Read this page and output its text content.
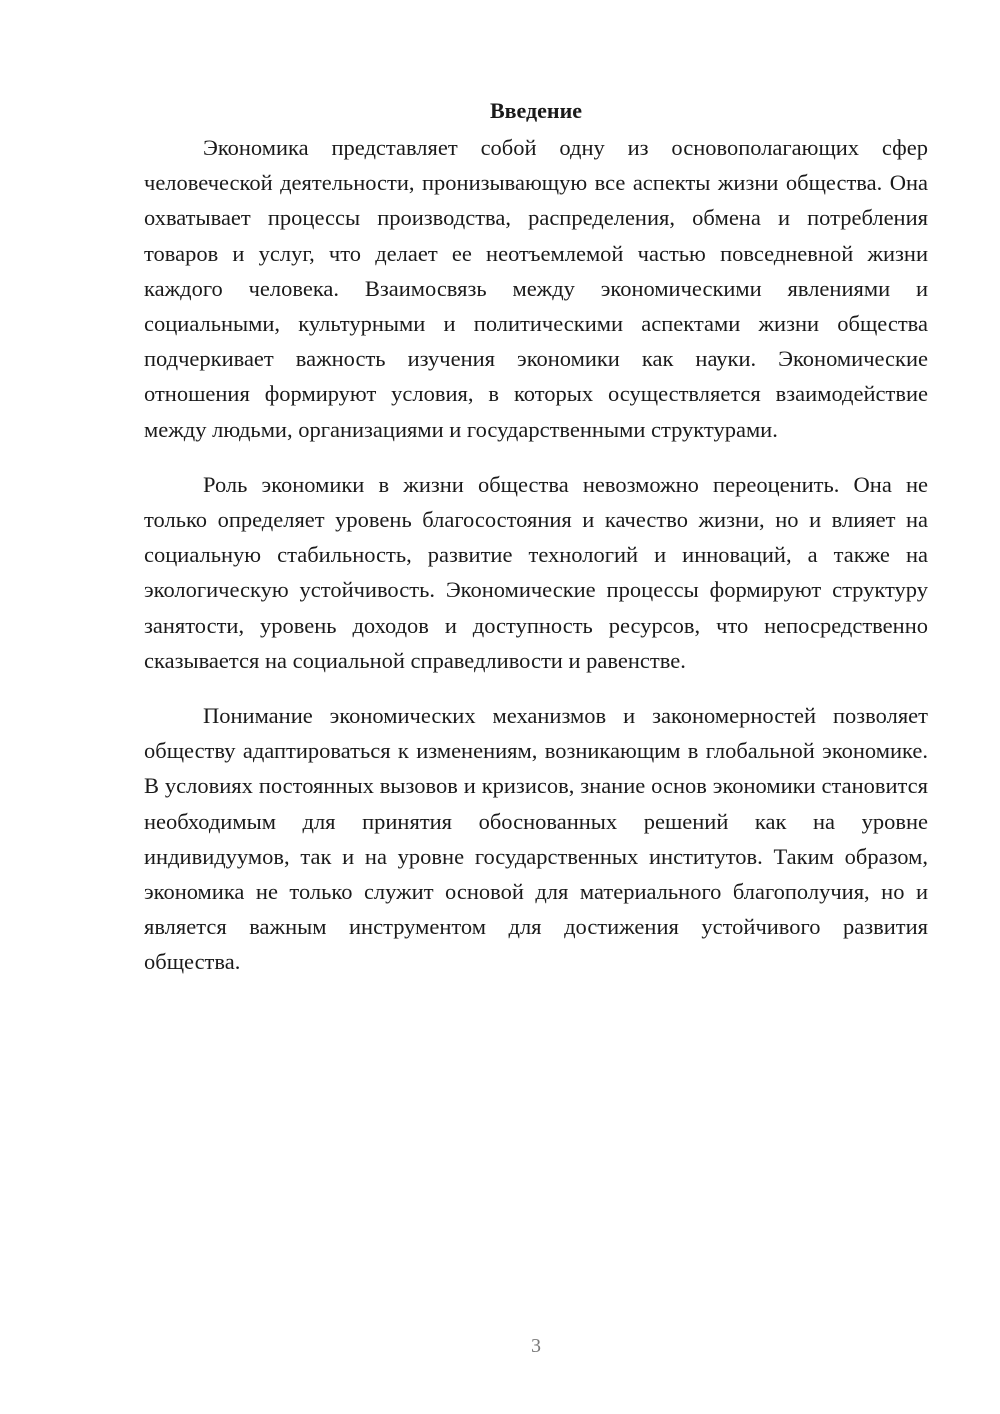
Введение

Экономика представляет собой одну из основополагающих сфер человеческой деятельности, пронизывающую все аспекты жизни общества. Она охватывает процессы производства, распределения, обмена и потребления товаров и услуг, что делает ее неотъемлемой частью повседневной жизни каждого человека. Взаимосвязь между экономическими явлениями и социальными, культурными и политическими аспектами жизни общества подчеркивает важность изучения экономики как науки. Экономические отношения формируют условия, в которых осуществляется взаимодействие между людьми, организациями и государственными структурами.

Роль экономики в жизни общества невозможно переоценить. Она не только определяет уровень благосостояния и качество жизни, но и влияет на социальную стабильность, развитие технологий и инноваций, а также на экологическую устойчивость. Экономические процессы формируют структуру занятости, уровень доходов и доступность ресурсов, что непосредственно сказывается на социальной справедливости и равенстве.

Понимание экономических механизмов и закономерностей позволяет обществу адаптироваться к изменениям, возникающим в глобальной экономике. В условиях постоянных вызовов и кризисов, знание основ экономики становится необходимым для принятия обоснованных решений как на уровне индивидуумов, так и на уровне государственных институтов. Таким образом, экономика не только служит основой для материального благополучия, но и является важным инструментом для достижения устойчивого развития общества.

3
